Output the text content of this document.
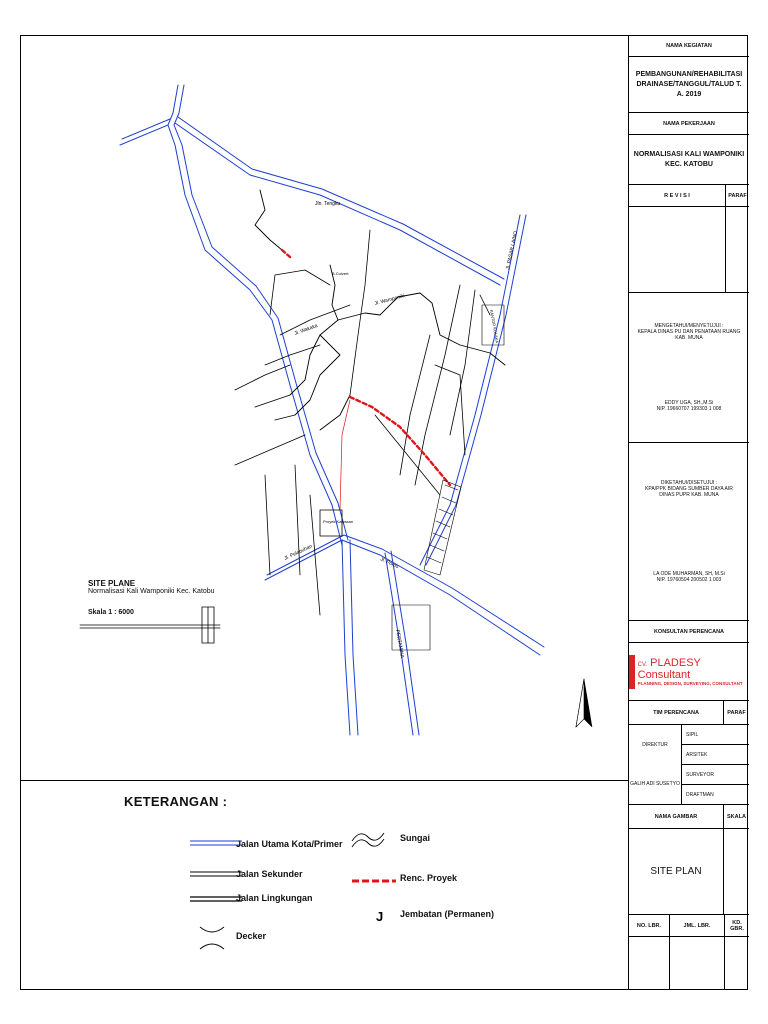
Jln. Tengku
Jl. PASAR LAINO
Jl. Wakaka
Jl. Wamponiki
Jl. Pelabuhan
Jl. Poros
PERTAMINA
Proyek Kawasan
KANTOR KOLAKA
B.Culvert
SITE PLANE
Normalisasi Kali Wamponiki Kec. Katobu
Skala 1 : 6000
KETERANGAN :
J
Jalan Utama Kota/Primer
Jalan Sekunder
Jalan Lingkungan
Decker
Sungai
Renc. Proyek
Jembatan (Permanen)
NAMA KEGIATAN
PEMBANGUNAN/REHABILITASI DRAINASE/TANGGUL/TALUD T. A. 2019
NAMA PEKERJAAN
NORMALISASI KALI WAMPONIKI
KEC. KATOBU
R E V I S I	PARAF
MENGETAHUI/MENYETUJUI :
KEPALA DINAS PU DAN PENATAAN RUANG
KAB. MUNA
EDDY UGA, SH.,M.Si
NIP. 19660707 199303 1 008
DIKETAHUI/DISETUJUI :
KPA/PPK BIDANG SUMBER DAYA AIR
DINAS PUPR KAB. MUNA
LA ODE MUHARMAN, SH, M.Si
NIP. 19760504 200502 1 003
KONSULTAN PERENCANA
CV. PLADESY Consultant
PLANNING, DESIGN, SURVEYING, CONSULTANT
TIM PERENCANA	PARAF
DIREKTUR
GALIH ADI SUSETYO
SIPIL
ARSITEK
SURVEYOR
DRAFTMAN
NAMA GAMBAR	SKALA
SITE PLAN
NO. LBR.	JML. LBR.	KD. GBR.
